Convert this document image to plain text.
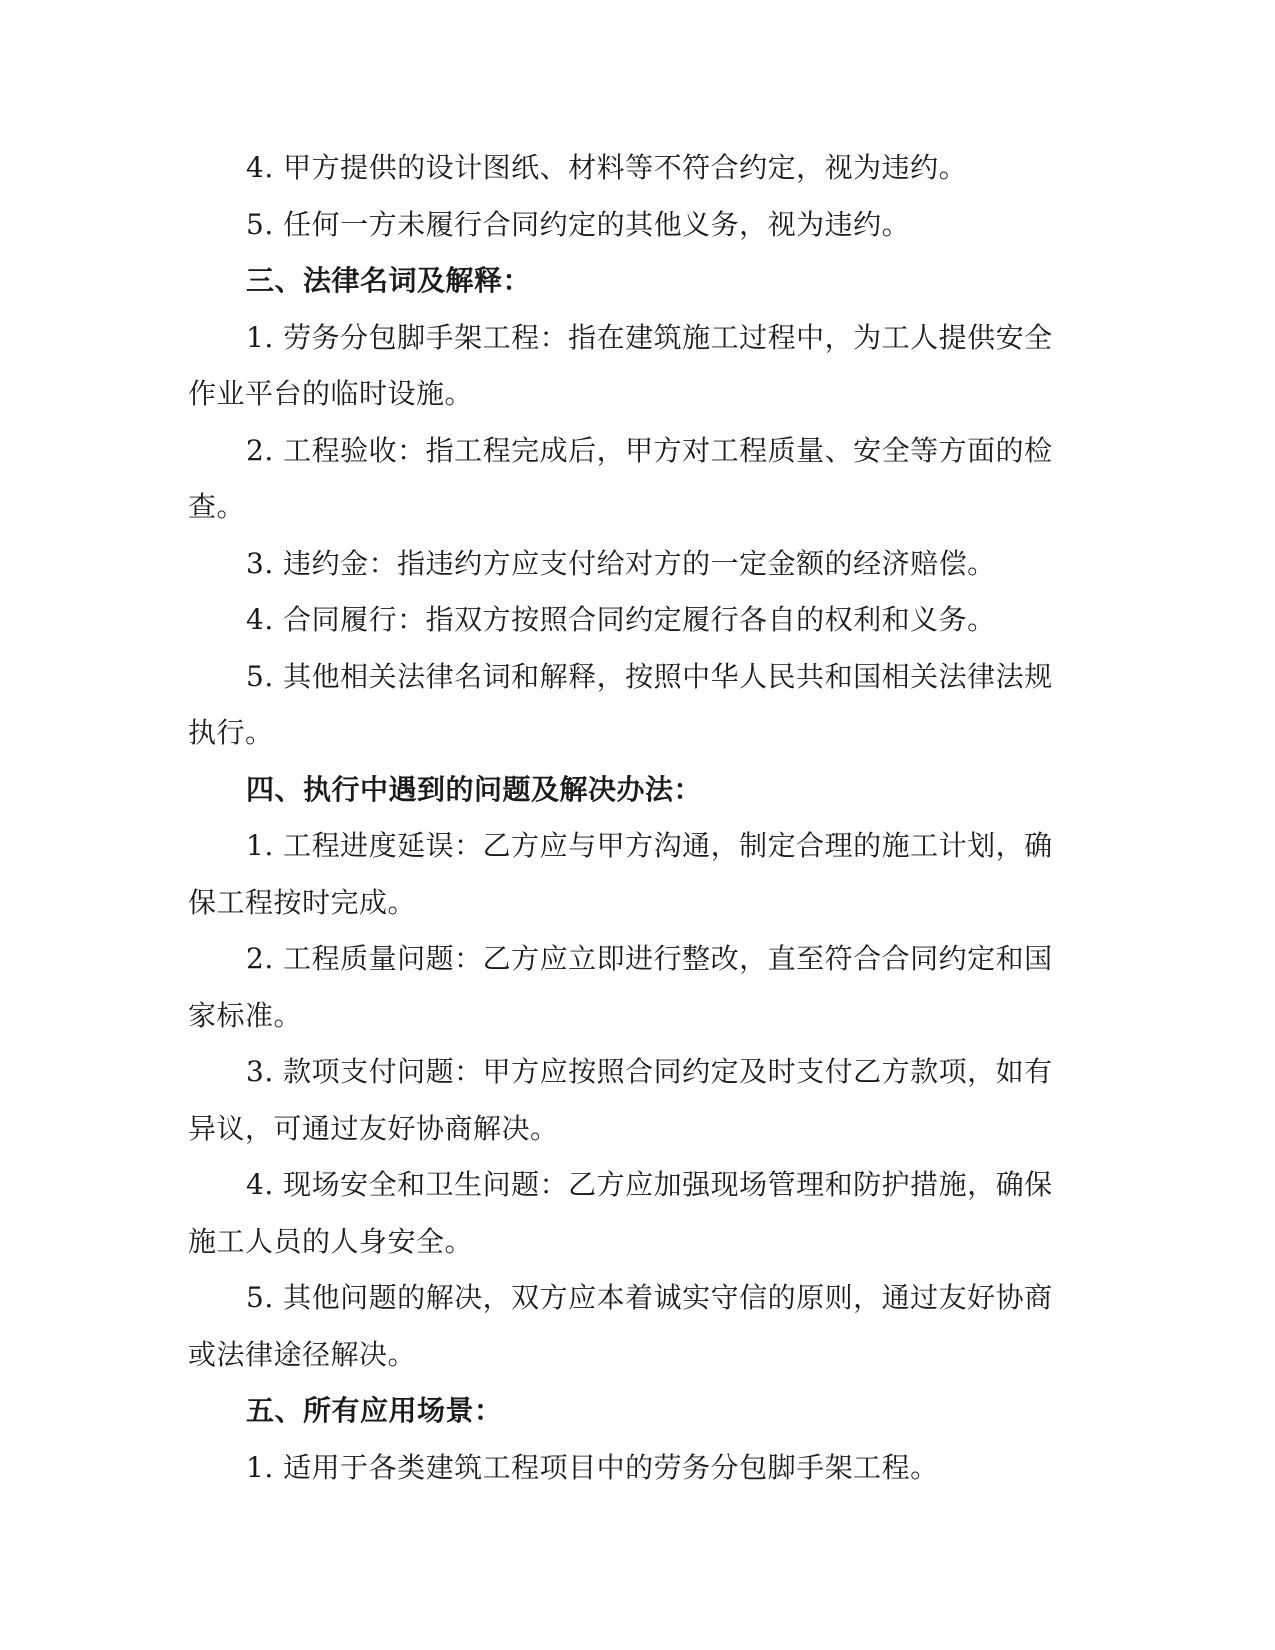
4. 甲方提供的设计图纸、材料等不符合约定，视为违约。
5. 任何一方未履行合同约定的其他义务，视为违约。
三、法律名词及解释：
1. 劳务分包脚手架工程：指在建筑施工过程中，为工人提供安全
作业平台的临时设施。
2. 工程验收：指工程完成后，甲方对工程质量、安全等方面的检
查。
3. 违约金：指违约方应支付给对方的一定金额的经济赔偿。
4. 合同履行：指双方按照合同约定履行各自的权利和义务。
5. 其他相关法律名词和解释，按照中华人民共和国相关法律法规
执行。
四、执行中遇到的问题及解决办法：
1. 工程进度延误：乙方应与甲方沟通，制定合理的施工计划，确
保工程按时完成。
2. 工程质量问题：乙方应立即进行整改，直至符合合同约定和国
家标准。
3. 款项支付问题：甲方应按照合同约定及时支付乙方款项，如有
异议，可通过友好协商解决。
4. 现场安全和卫生问题：乙方应加强现场管理和防护措施，确保
施工人员的人身安全。
5. 其他问题的解决，双方应本着诚实守信的原则，通过友好协商
或法律途径解决。
五、所有应用场景：
1. 适用于各类建筑工程项目中的劳务分包脚手架工程。
